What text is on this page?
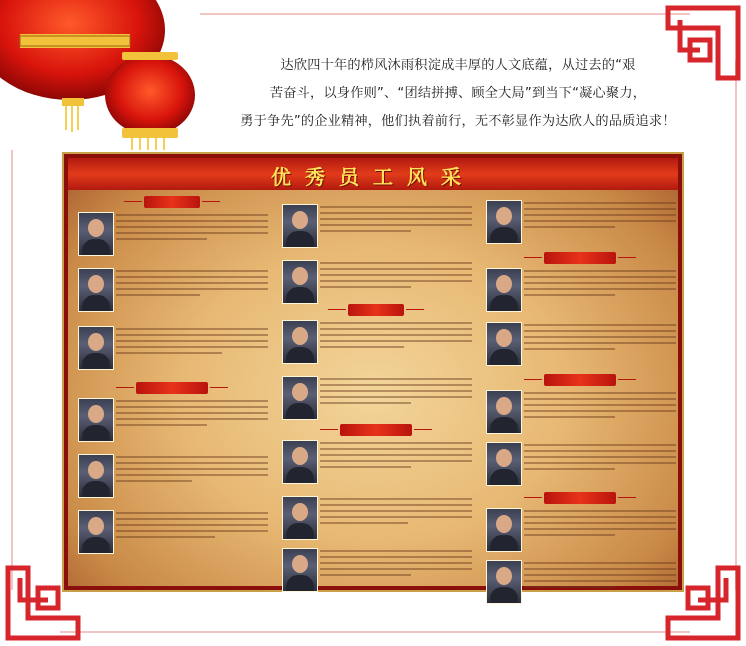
达欣四十年的栉风沐雨积淀成丰厚的人文底蕴，从过去的“艰

苦奋斗，以身作则”、“团结拼搏、顾全大局”到当下“凝心聚力，

勇于争先”的企业精神，他们执着前行，无不彰显作为达欣人的品质追求！

优秀员工风采
